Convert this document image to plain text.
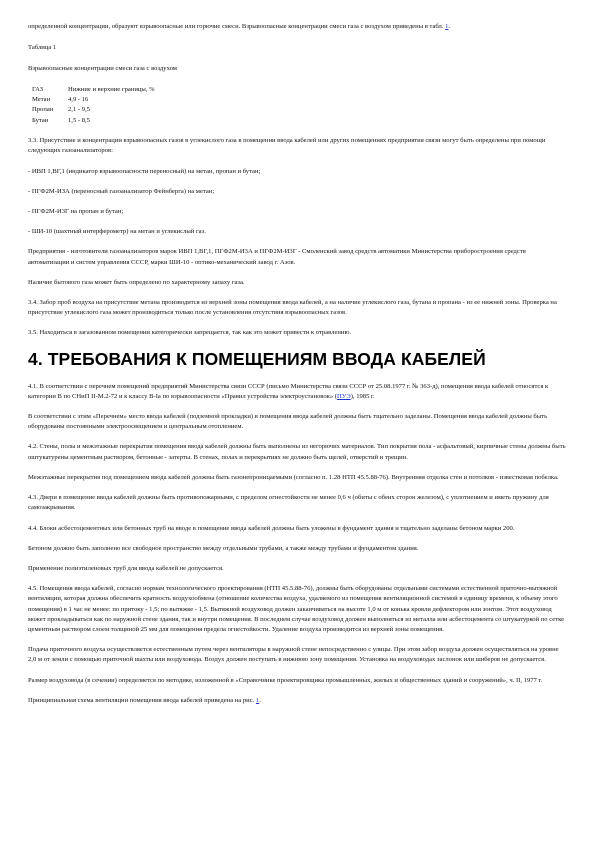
определенной концентрации, образуют взрывоопасные или горючие смеси. Взрывоопасные концентрации смеси газа с воздухом приведены в табл. 1.

Таблица 1

Взрывоопасные концентрации смеси газа с воздухом

ГАЗ	Нижние и верхние границы, %
Метан	4,9 - 16
Пропан	2,1 - 9,5
Бутан	1,5 - 8,5

3.3. Присутствие и концентрации взрывоопасных газов в углекислого газа в помещении ввода кабелей или других помещениях предприятия связи могут быть определены при помощи следующих газоанализаторов:

- ИВП 1,ВГ,1 (индикатор взрывоопасности переносный) на метан, пропан и бутан;

- ПГФ2М-ИЗА (переносный газоанализатор Фейнберга) на метан;

- ПГФ2М-И3Г на пропан и бутан;

- ШИ-10 (шахтный интерферометр) на метан и углекислый газ.

Предприятия - изготовители газоанализаторов марок ИВП 1,ВГ,1, ПГФ2М-И3А и ПГФ2М-И3Г - Смоленский завод средств автоматики Министерства приборостроения средств автоматизации и систем управления СССР, марки ШИ-10 - оптико-механический завод г. Азов.

Наличие бытового газа может быть определено по характерному запаху газа.

3.4. Забор проб воздуха на присутствие метана производится из верхней зоны помещения ввода кабелей, а на наличие углекислого газа, бутана и пропана - из ее нижней зоны. Проверка на присутствие углекислого газа может производиться только после установления отсутствия взрывоопасных газов.

3.5. Находиться в загазованном помещении категорически запрещается, так как это может привести к отравлению.

4. ТРЕБОВАНИЯ К ПОМЕЩЕНИЯМ ВВОДА КАБЕЛЕЙ

4.1. В соответствии с перечнем помещений предприятий Министерства связи СССР (письмо Министерства связи СССР от 25.08.1977 г. № 363-д), помещения ввода кабелей относятся к категории В по СНиП II-М.2-72 и к классу В-Ia по взрывоопасности «Правил устройства электроустановок» (ПУЭ), 1985 г.

В соответствии с этим «Перечнем» место ввода кабелей (подземной прокладки) в помещения ввода кабелей должны быть тщательно заделаны. Помещения ввода кабелей должны быть оборудованы постоянными электроосвещением и центральным отоплением.

4.2. Стены, полы и межэтажные перекрытия помещения ввода кабелей должны быть выполнены из негорючих материалов. Тип покрытия пола - асфальтовый, кирпичные стены должны быть оштукатурены цементным раствором, бетонные - затерты. В стенах, полах и перекрытиях не должно быть щелей, отверстий и трещин.

Межэтажные перекрытия под помещением ввода кабелей должны быть газонепроницаемыми (согласно п. 1.28 НТП 45.5.88-76). Внутренняя отделка стен и потолков - известковая побелка.

4.3. Двери в помещение ввода кабелей должны быть противопожарными, с пределом огнестойкости не менее 0,6 ч (обиты с обеих сторон железом), с уплотнением и иметь пружину для самозакрывания.

4.4. Блоки асбестоцементных или бетонных труб на вводе в помещение ввода кабелей должны быть уложены в фундамент здания и тщательно заделаны бетоном марки 200.

Бетоном должно быть заполнено все свободное пространство между отдельными трубами, а также между трубами и фундаментом здания.

Применение полиэтиленовых труб для ввода кабелей не допускается.

4.5. Помещения ввода кабелей, согласно нормам технологического проектирования (НТП 45.5.88-76), должны быть оборудованы отдельными системами естественной приточно-вытяжной вентиляции, которая должна обеспечить кратность воздухообмена (отношение количества воздуха, удаляемого из помещения вентиляционной системой в единицу времени, к объему этого помещения) в 1 час не менее: по притоку - 1,5; по вытяжке - 1,5. Вытяжной воздуховод должен заканчиваться на высоте 1,0 м от конька кровли дефлектором или зонтом. Этот воздуховод может прокладываться как по наружной стене здания, так и внутри помещения. В последнем случае воздуховод должен выполняться из металла или асбестоцемента со штукатуркой по сетке цементным раствором слоем толщиной 25 мм для помещения предела огнестойкости. Удаление воздуха производится из верхней зоны помещения.

Подача приточного воздуха осуществляется естественным путем через вентиляторы в наружной стене непосредственно с улицы. При этом забор воздуха должен осуществляться на уровне 2,0 м от земли с помощью приточной шахты или воздуховода. Воздух должен поступать в нижнюю зону помещения. Установка на воздуховодах заслонок или шиберов не допускается.

Размер воздуховода (в сечении) определяется по методике, изложенной в «Справочнике проектировщика промышленных, жилых и общественных зданий и сооружений», ч. II, 1977 г.

Принципиальная схема вентиляции помещения ввода кабелей приведена на рис. 1.
